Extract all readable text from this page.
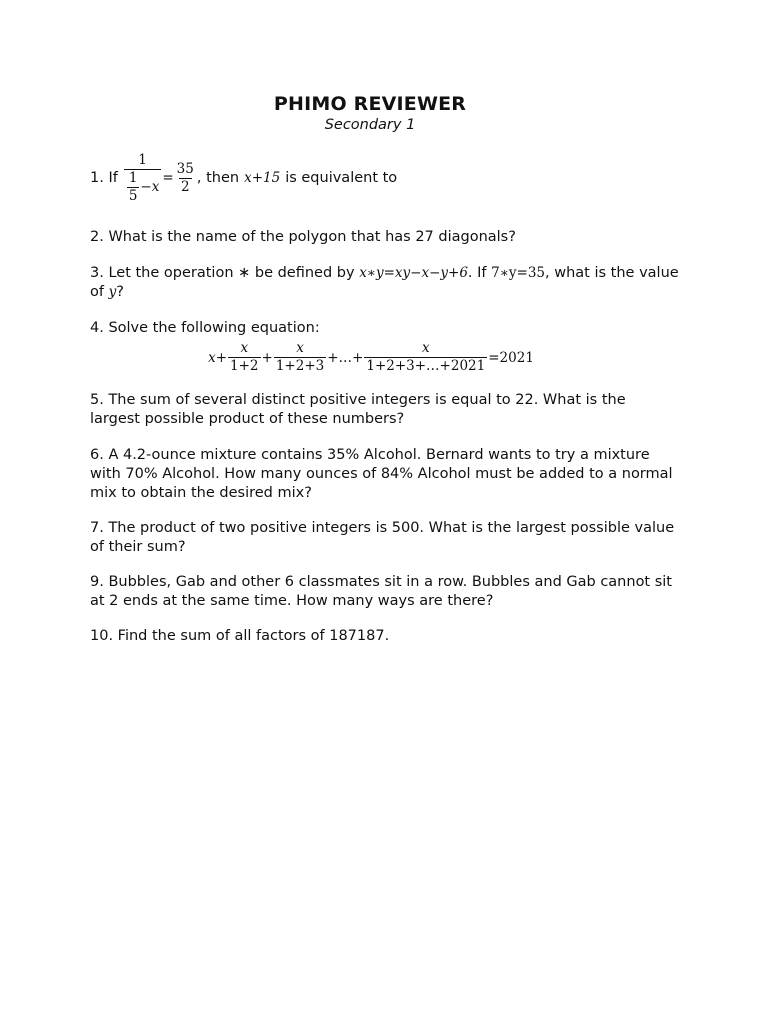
PHIMO REVIEWER
Secondary 1
1. If $\frac{1}{\frac{1}{5} - x} = \frac{35}{2}$ , then x+15 is equivalent to
2. What is the name of the polygon that has 27 diagonals?
3. Let the operation ∗ be defined by x∗y=xy−x−y+6. If 7∗y=35, what is the value of y?
4. Solve the following equation:
$x+ \frac{x}{1+2} + \frac{x}{1+2+3}$ +…+ $\frac{x}{1+2+3+\dots+2021} =2021$
5. The sum of several distinct positive integers is equal to 22. What is the largest possible product of these numbers?
6. A 4.2-ounce mixture contains 35% Alcohol. Bernard wants to try a mixture with 70% Alcohol. How many ounces of 84% Alcohol must be added to a normal mix to obtain the desired mix?
7. The product of two positive integers is 500. What is the largest possible value of their sum?
9. Bubbles, Gab and other 6 classmates sit in a row. Bubbles and Gab cannot sit at 2 ends at the same time. How many ways are there?
10. Find the sum of all factors of 187187.
